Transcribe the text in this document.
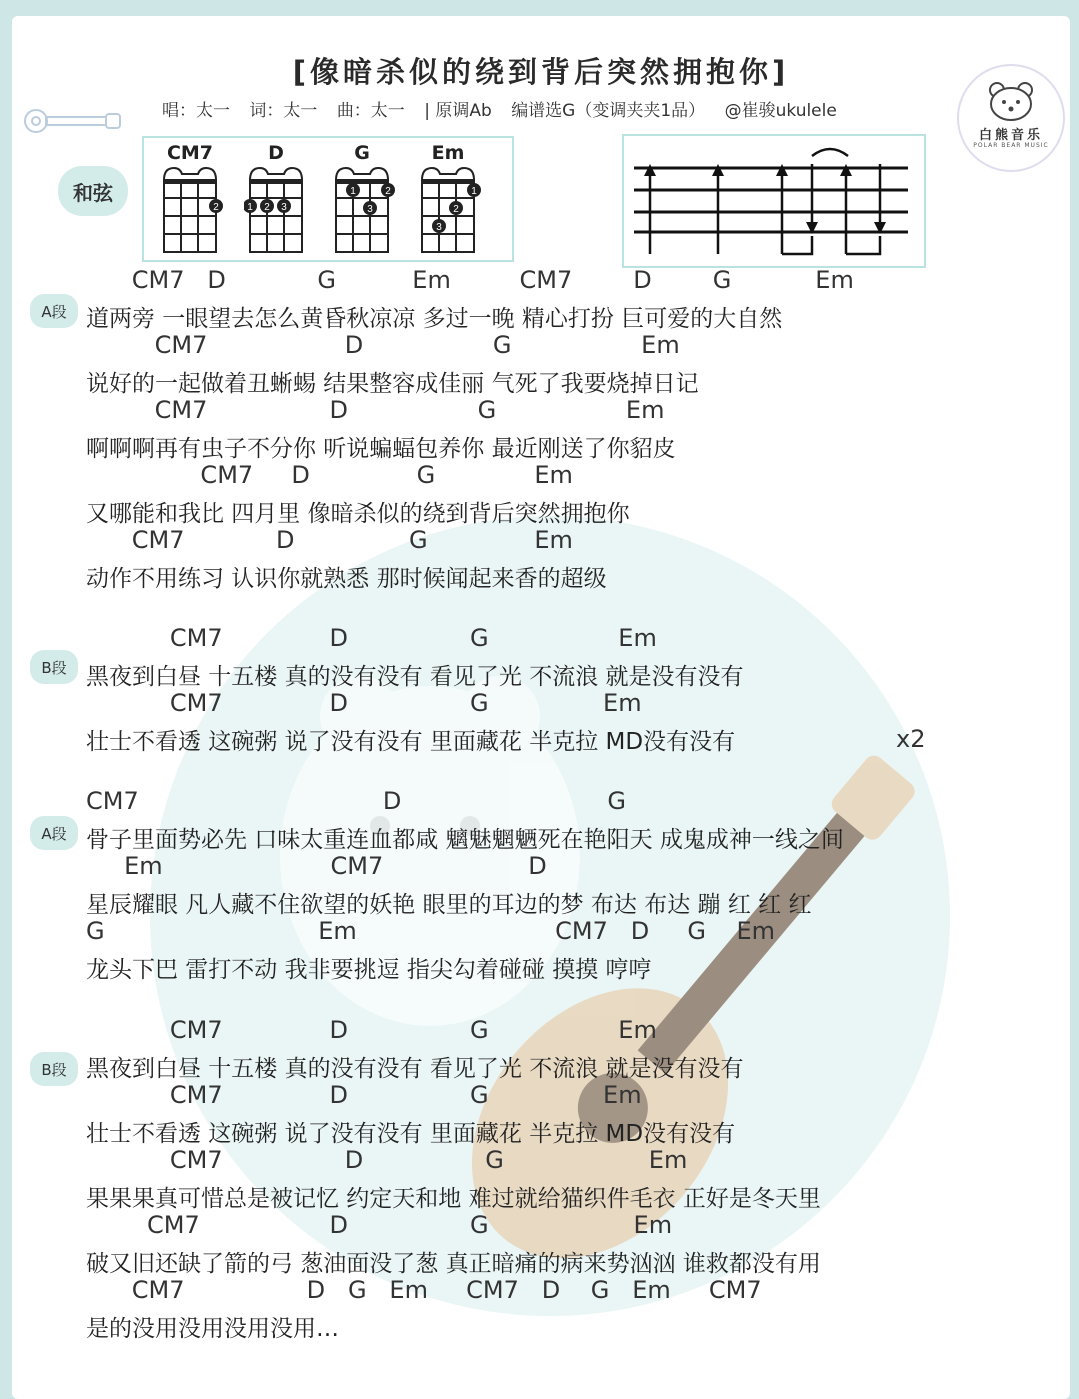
[像暗杀似的绕到背后突然拥抱你]
唱：太一 词：太一 曲：太一 | 原调Ab 编谱选G（变调夹夹1品） @崔骏ukulele
白熊音乐
POLAR BEAR MUSIC
和弦
CM7
2
D
1 2 3
G
1	2
3
Em
1
2
3
A段
B段
A段
B段
CM7   D            G          Em         CM7        D        G           Em
道两旁 一眼望去怎么黄昏秋凉凉 多过一晚 精心打扮 巨可爱的大自然
CM7                  D                 G                 Em
说好的一起做着丑蜥蜴 结果整容成佳丽 气死了我要烧掉日记
CM7                D                 G                 Em
啊啊啊再有虫子不分你 听说蝙蝠包养你 最近刚送了你貂皮
CM7     D              G             Em
又哪能和我比 四月里 像暗杀似的绕到背后突然拥抱你
CM7            D               G              Em
动作不用练习 认识你就熟悉 那时候闻起来香的超级
CM7              D                G                 Em
黑夜到白昼 十五楼 真的没有没有 看见了光 不流浪 就是没有没有
CM7              D                G               Em
壮士不看透 这碗粥 说了没有没有 里面藏花 半克拉 MD没有没有	x2
CM7                                D                           G
骨子里面势必先 口味太重连血都咸 魑魅魍魉死在艳阳天 成鬼成神一线之间
Em                      CM7                   D
星辰耀眼 凡人藏不住欲望的妖艳 眼里的耳边的梦 布达 布达 蹦 红 红 红
G                            Em                          CM7   D     G    Em
龙头下巴 雷打不动 我非要挑逗 指尖勾着碰碰 摸摸 哼哼
CM7              D                G                 Em
黑夜到白昼 十五楼 真的没有没有 看见了光 不流浪 就是没有没有
CM7              D                G               Em
壮士不看透 这碗粥 说了没有没有 里面藏花 半克拉 MD没有没有
CM7                D                G                   Em
果果果真可惜总是被记忆 约定天和地 难过就给猫织件毛衣 正好是冬天里
CM7                 D                G                   Em
破又旧还缺了箭的弓 葱油面没了葱 真正暗痛的病来势汹汹 谁救都没有用
CM7                D   G   Em     CM7   D    G   Em     CM7
是的没用没用没用没用…
